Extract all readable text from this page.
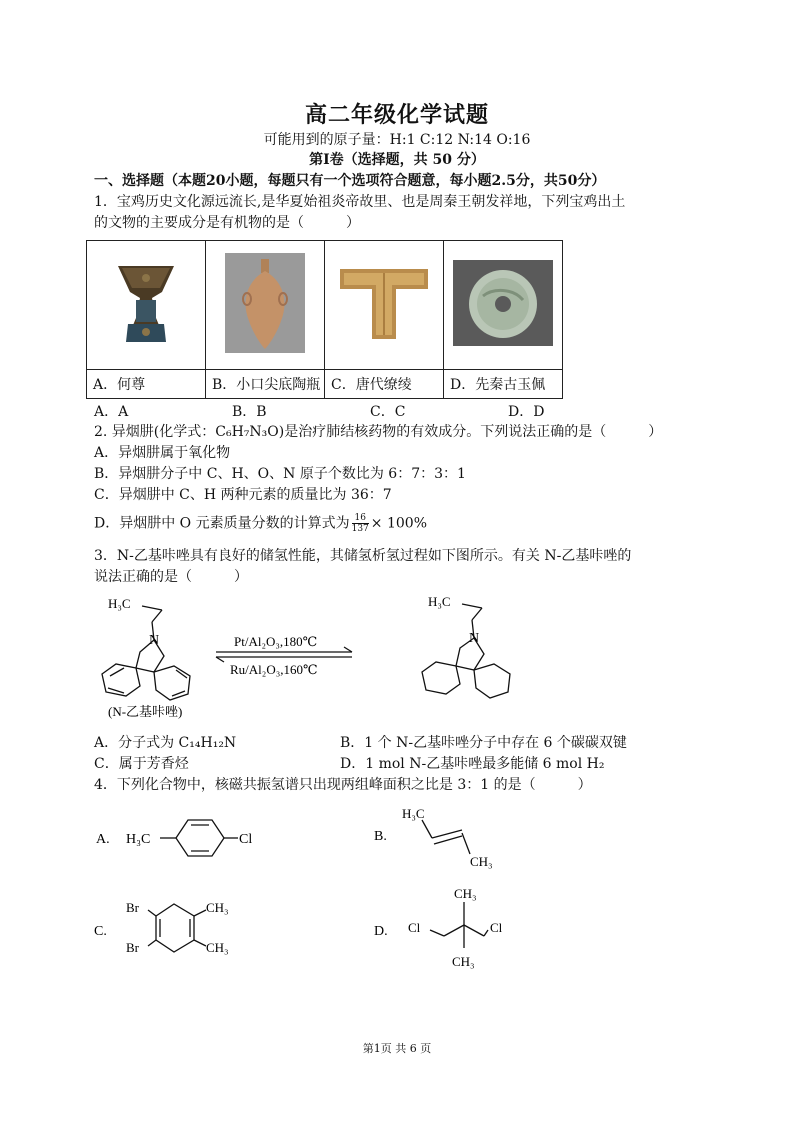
高二年级化学试题
可能用到的原子量：H:1 C:12 N:14 O:16
第Ⅰ卷（选择题，共 50 分）
一、选择题（本题20小题，每题只有一个选项符合题意，每小题2.5分，共50分）
1．宝鸡历史文化源远流长,是华夏始祖炎帝故里、也是周秦王朝发祥地，下列宝鸡出土
的文物的主要成分是有机物的是（　　　）

A．何尊	B．小口尖底陶瓶	C．唐代缭绫	D．先秦古玉佩
A．A	B．B	C．C	D．D
2. 异烟肼(化学式：C₆H₇N₃O)是治疗肺结核药物的有效成分。下列说法正确的是（　　　）
A．异烟肼属于氧化物
B．异烟肼分子中 C、H、O、N 原子个数比为 6：7：3：1
C．异烟肼中 C、H 两种元素的质量比为 36：7
D．异烟肼中 O 元素质量分数的计算式为 $\frac{16}{137} \times 100\%$
3．N-乙基咔唑具有良好的储氢性能，其储氢析氢过程如下图所示。有关 N-乙基咔唑的
说法正确的是（　　　）
H₃C
N
H₃C
N
Pt/Al₂O₃,180℃
Ru/Al₂O₃,160℃
(N-乙基咔唑)
A．分子式为 C₁₄H₁₂N	B．1 个 N-乙基咔唑分子中存在 6 个碳碳双键
C．属于芳香烃	D．1 mol N-乙基咔唑最多能储 6 mol H₂
4．下列化合物中，核磁共振氢谱只出现两组峰面积之比是 3：1 的是（　　　）
A. H₃C	Cl	B.
H₃C
CH₃
C.
Br
Br
CH₃
CH₃
D.
CH₃
CH₃
Cl	Cl
第1页 共 6 页
